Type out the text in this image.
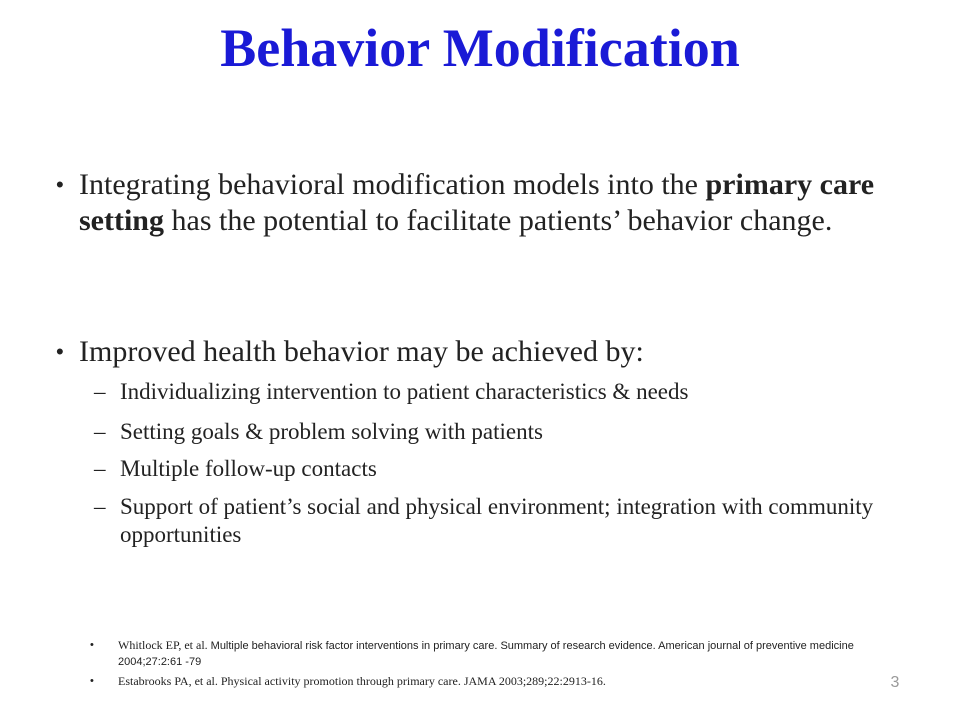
Behavior Modification
• Integrating behavioral modification models into the primary care setting has the potential to facilitate patients’ behavior change.
• Improved health behavior may be achieved by:
– Individualizing intervention to patient characteristics & needs
– Setting goals & problem solving with patients
– Multiple follow-up contacts
– Support of patient’s social and physical environment; integration with community opportunities
•	Whitlock EP, et al. Multiple behavioral risk factor interventions in primary care. Summary of research evidence. American journal of preventive medicine 2004;27:2:61 -79
•	Estabrooks PA, et al. Physical activity promotion through primary care. JAMA 2003;289;22:2913-16.	3
